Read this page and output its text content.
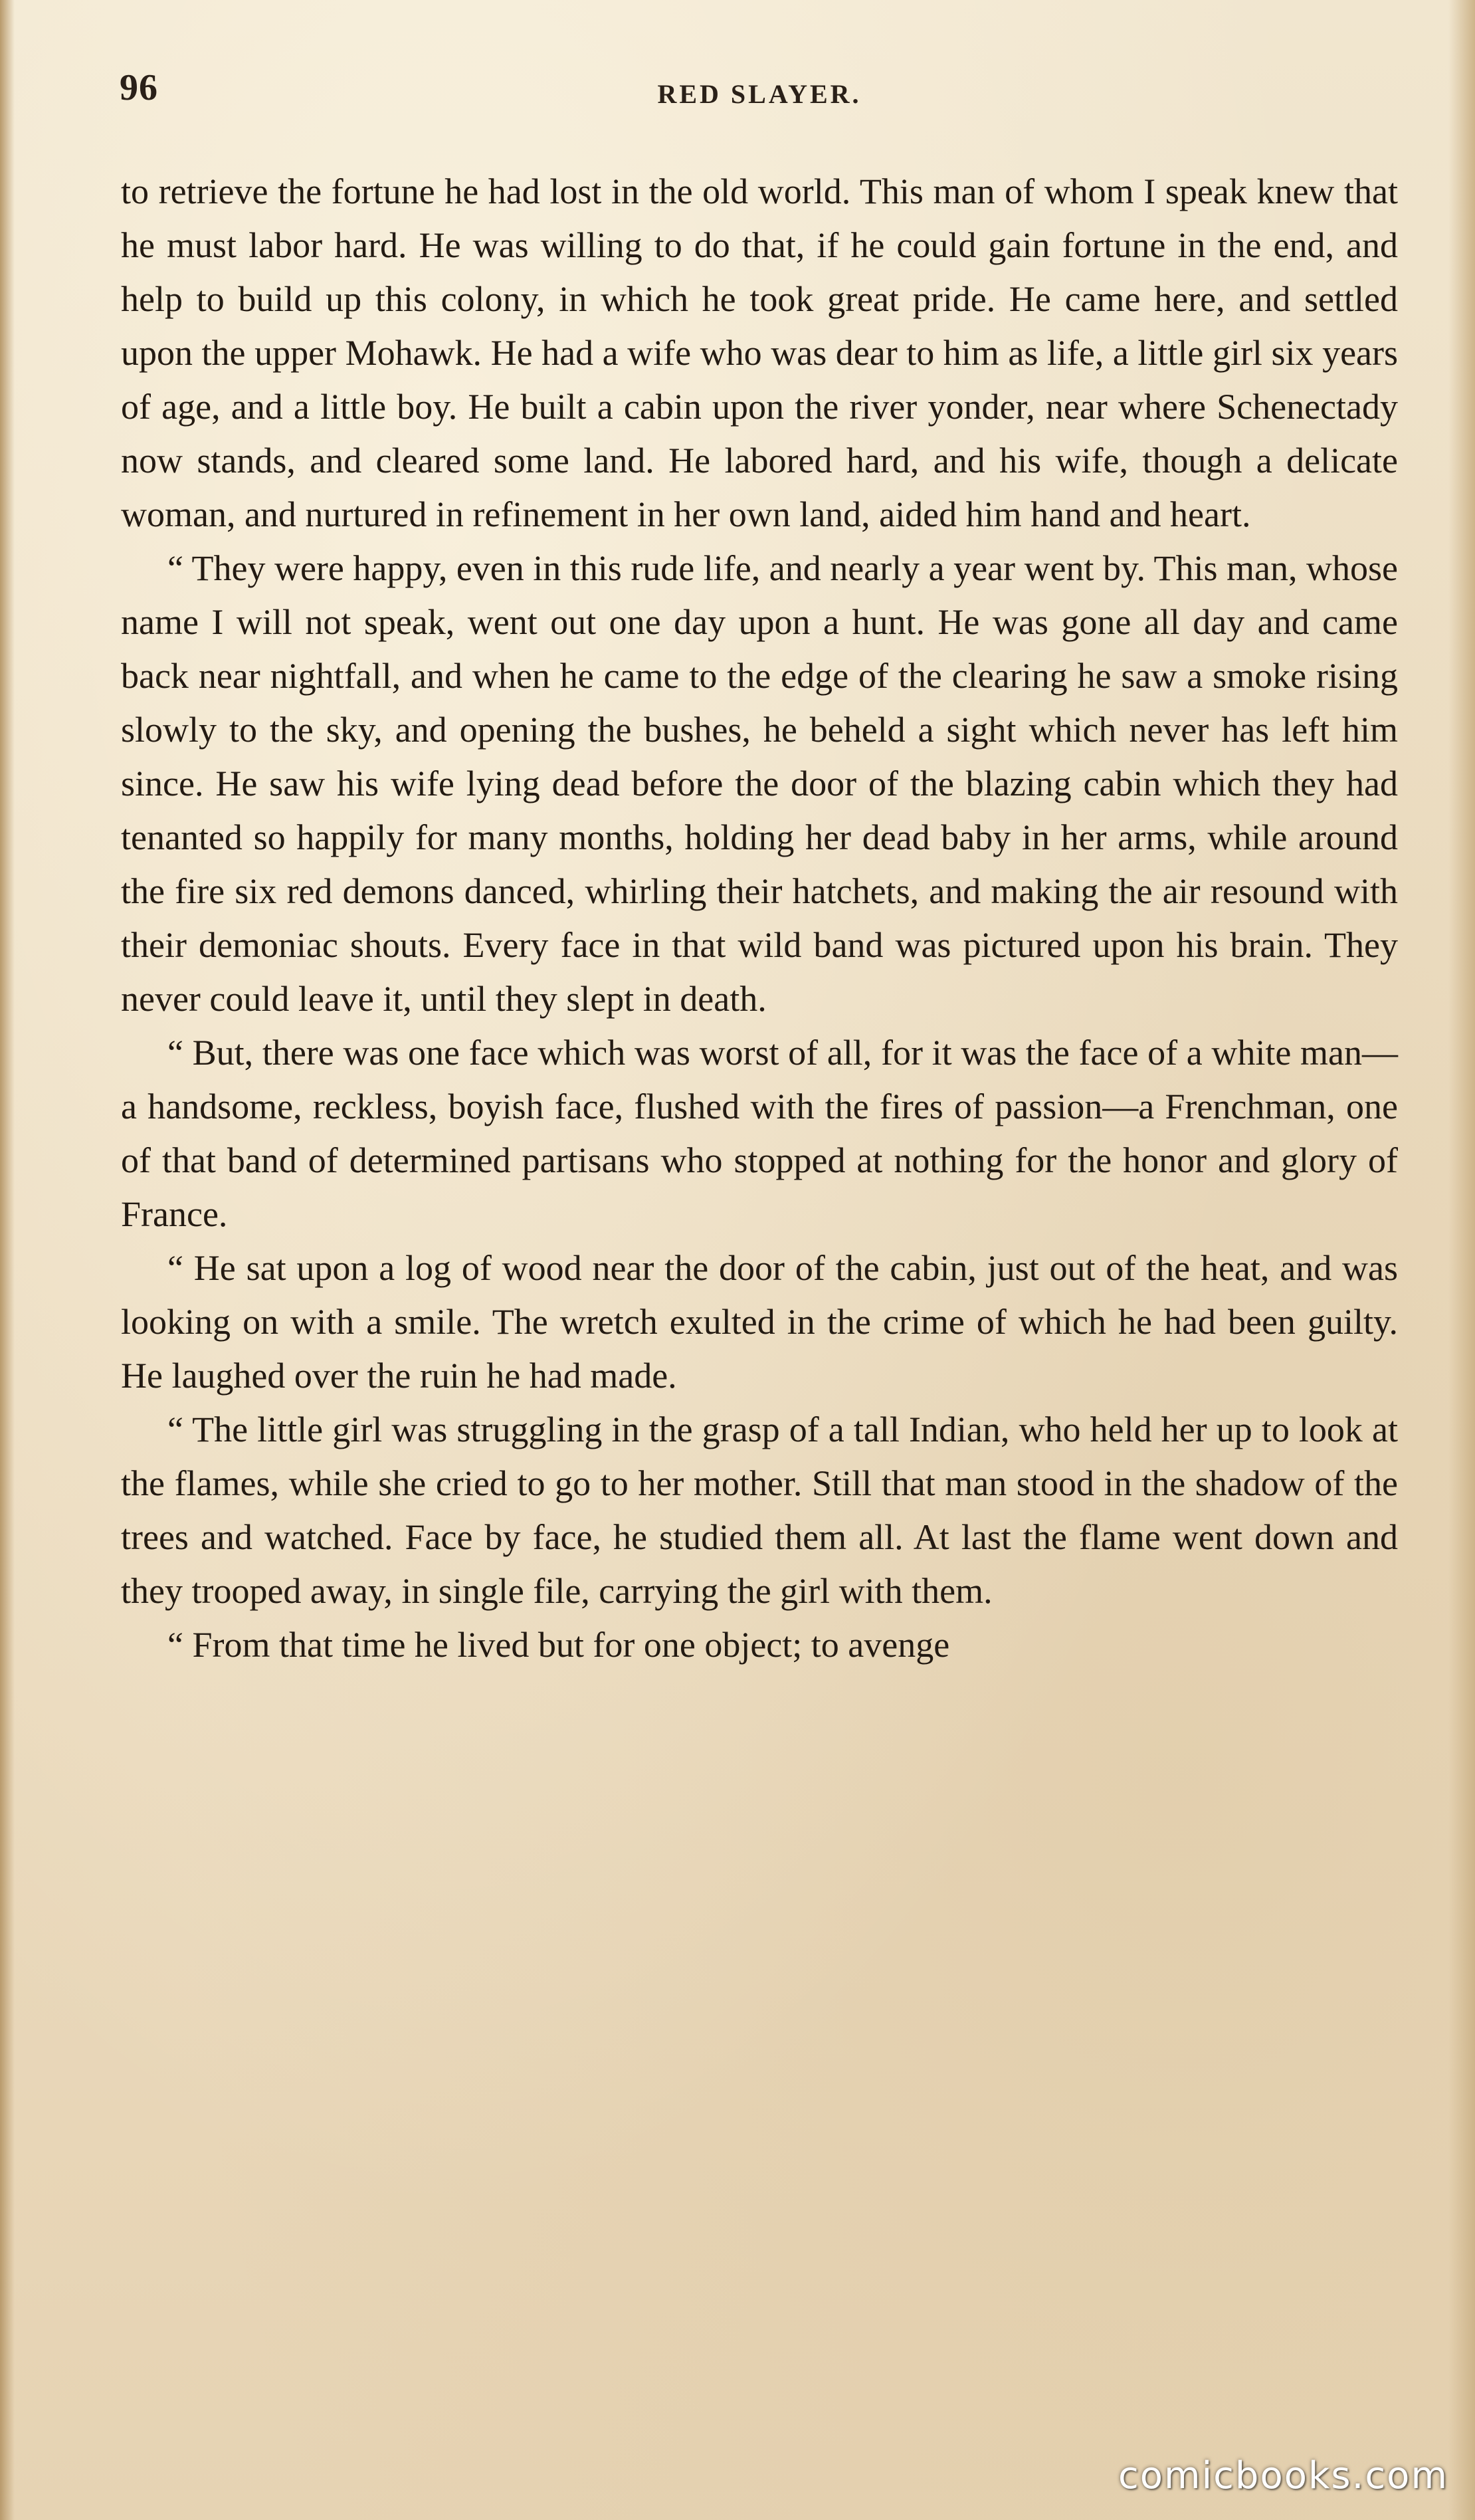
96	RED SLAYER.

to retrieve the fortune he had lost in the old world. This man of whom I speak knew that he must labor hard. He was willing to do that, if he could gain fortune in the end, and help to build up this colony, in which he took great pride. He came here, and settled upon the upper Mohawk. He had a wife who was dear to him as life, a little girl six years of age, and a little boy. He built a cabin upon the river yonder, near where Schenectady now stands, and cleared some land. He labored hard, and his wife, though a delicate woman, and nurtured in refinement in her own land, aided him hand and heart.

“ They were happy, even in this rude life, and nearly a year went by. This man, whose name I will not speak, went out one day upon a hunt. He was gone all day and came back near nightfall, and when he came to the edge of the clearing he saw a smoke rising slowly to the sky, and opening the bushes, he beheld a sight which never has left him since. He saw his wife lying dead before the door of the blazing cabin which they had tenanted so happily for many months, holding her dead baby in her arms, while around the fire six red demons danced, whirling their hatchets, and making the air resound with their demoniac shouts. Every face in that wild band was pictured upon his brain. They never could leave it, until they slept in death.

“ But, there was one face which was worst of all, for it was the face of a white man—a handsome, reckless, boyish face, flushed with the fires of passion—a Frenchman, one of that band of determined partisans who stopped at nothing for the honor and glory of France.

“ He sat upon a log of wood near the door of the cabin, just out of the heat, and was looking on with a smile. The wretch exulted in the crime of which he had been guilty. He laughed over the ruin he had made.

“ The little girl was struggling in the grasp of a tall Indian, who held her up to look at the flames, while she cried to go to her mother. Still that man stood in the shadow of the trees and watched. Face by face, he studied them all. At last the flame went down and they trooped away, in single file, carrying the girl with them.

“ From that time he lived but for one object; to avenge

comicbooks.com
